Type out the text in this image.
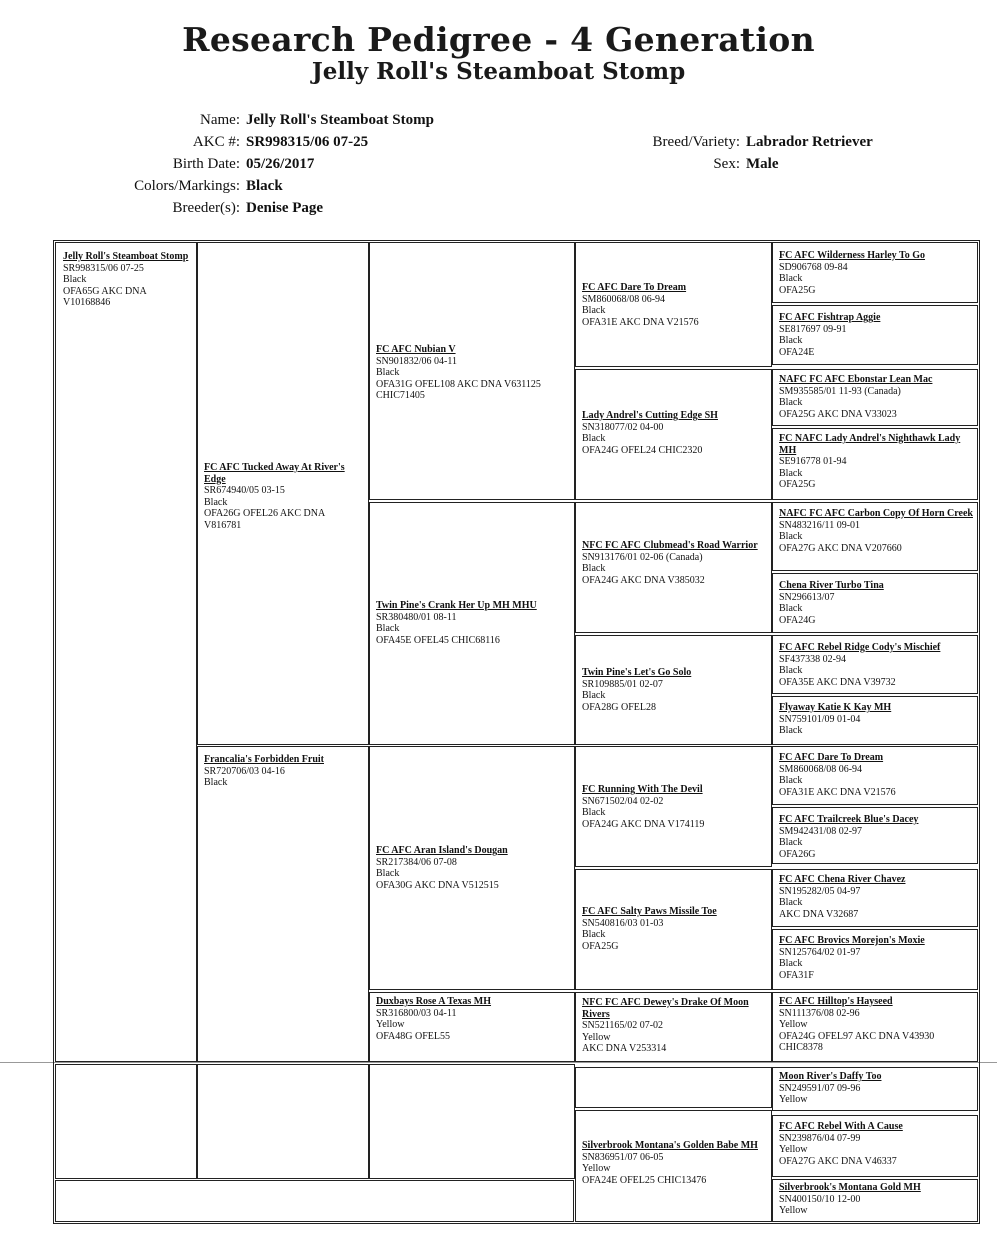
Research Pedigree - 4 Generation
Jelly Roll's Steamboat Stomp
Name: Jelly Roll's Steamboat Stomp
AKC #: SR998315/06 07-25
Birth Date: 05/26/2017
Colors/Markings: Black
Breeder(s): Denise Page
Breed/Variety: Labrador Retriever
Sex: Male
Jelly Roll's Steamboat Stomp
SR998315/06 07-25
Black
OFA65G AKC DNA V10168846
FC AFC Tucked Away At River's Edge
SR674940/05 03-15
Black
OFA26G OFEL26 AKC DNA V816781
Francalia's Forbidden Fruit
SR720706/03 04-16
Black
FC AFC Nubian V
SN901832/06 04-11
Black
OFA31G OFEL108 AKC DNA V631125 CHIC71405
Twin Pine's Crank Her Up MH MHU
SR380480/01 08-11
Black
OFA45E OFEL45 CHIC68116
FC AFC Aran Island's Dougan
SR217384/06 07-08
Black
OFA30G AKC DNA V512515
Duxbays Rose A Texas MH
SR316800/03 04-11
Yellow
OFA48G OFEL55
FC AFC Dare To Dream
SM860068/08 06-94
Black
OFA31E AKC DNA V21576
Lady Andrel's Cutting Edge SH
SN318077/02 04-00
Black
OFA24G OFEL24 CHIC2320
NFC FC AFC Clubmead's Road Warrior
SN913176/01 02-06 (Canada)
Black
OFA24G AKC DNA V385032
Twin Pine's Let's Go Solo
SR109885/01 02-07
Black
OFA28G OFEL28
FC Running With The Devil
SN671502/04 02-02
Black
OFA24G AKC DNA V174119
FC AFC Salty Paws Missile Toe
SN540816/03 01-03
Black
OFA25G
NFC FC AFC Dewey's Drake Of Moon Rivers
SN521165/02 07-02
Yellow
AKC DNA V253314
Silverbrook Montana's Golden Babe MH
SN836951/07 06-05
Yellow
OFA24E OFEL25 CHIC13476
FC AFC Wilderness Harley To Go
SD906768 09-84
Black
OFA25G
FC AFC Fishtrap Aggie
SE817697 09-91
Black
OFA24E
NAFC FC AFC Ebonstar Lean Mac
SM935585/01 11-93 (Canada)
Black
OFA25G AKC DNA V33023
FC NAFC Lady Andrel's Nighthawk Lady MH
SE916778 01-94
Black
OFA25G
NAFC FC AFC Carbon Copy Of Horn Creek
SN483216/11 09-01
Black
OFA27G AKC DNA V207660
Chena River Turbo Tina
SN296613/07
Black
OFA24G
FC AFC Rebel Ridge Cody's Mischief
SF437338 02-94
Black
OFA35E AKC DNA V39732
Flyaway Katie K Kay MH
SN759101/09 01-04
Black
FC AFC Dare To Dream
SM860068/08 06-94
Black
OFA31E AKC DNA V21576
FC AFC Trailcreek Blue's Dacey
SM942431/08 02-97
Black
OFA26G
FC AFC Chena River Chavez
SN195282/05 04-97
Black
AKC DNA V32687
FC AFC Brovics Morejon's Moxie
SN125764/02 01-97
Black
OFA31F
FC AFC Hilltop's Hayseed
SN111376/08 02-96
Yellow
OFA24G OFEL97 AKC DNA V43930 CHIC8378
Moon River's Daffy Too
SN249591/07 09-96
Yellow
FC AFC Rebel With A Cause
SN239876/04 07-99
Yellow
OFA27G AKC DNA V46337
Silverbrook's Montana Gold MH
SN400150/10 12-00
Yellow
